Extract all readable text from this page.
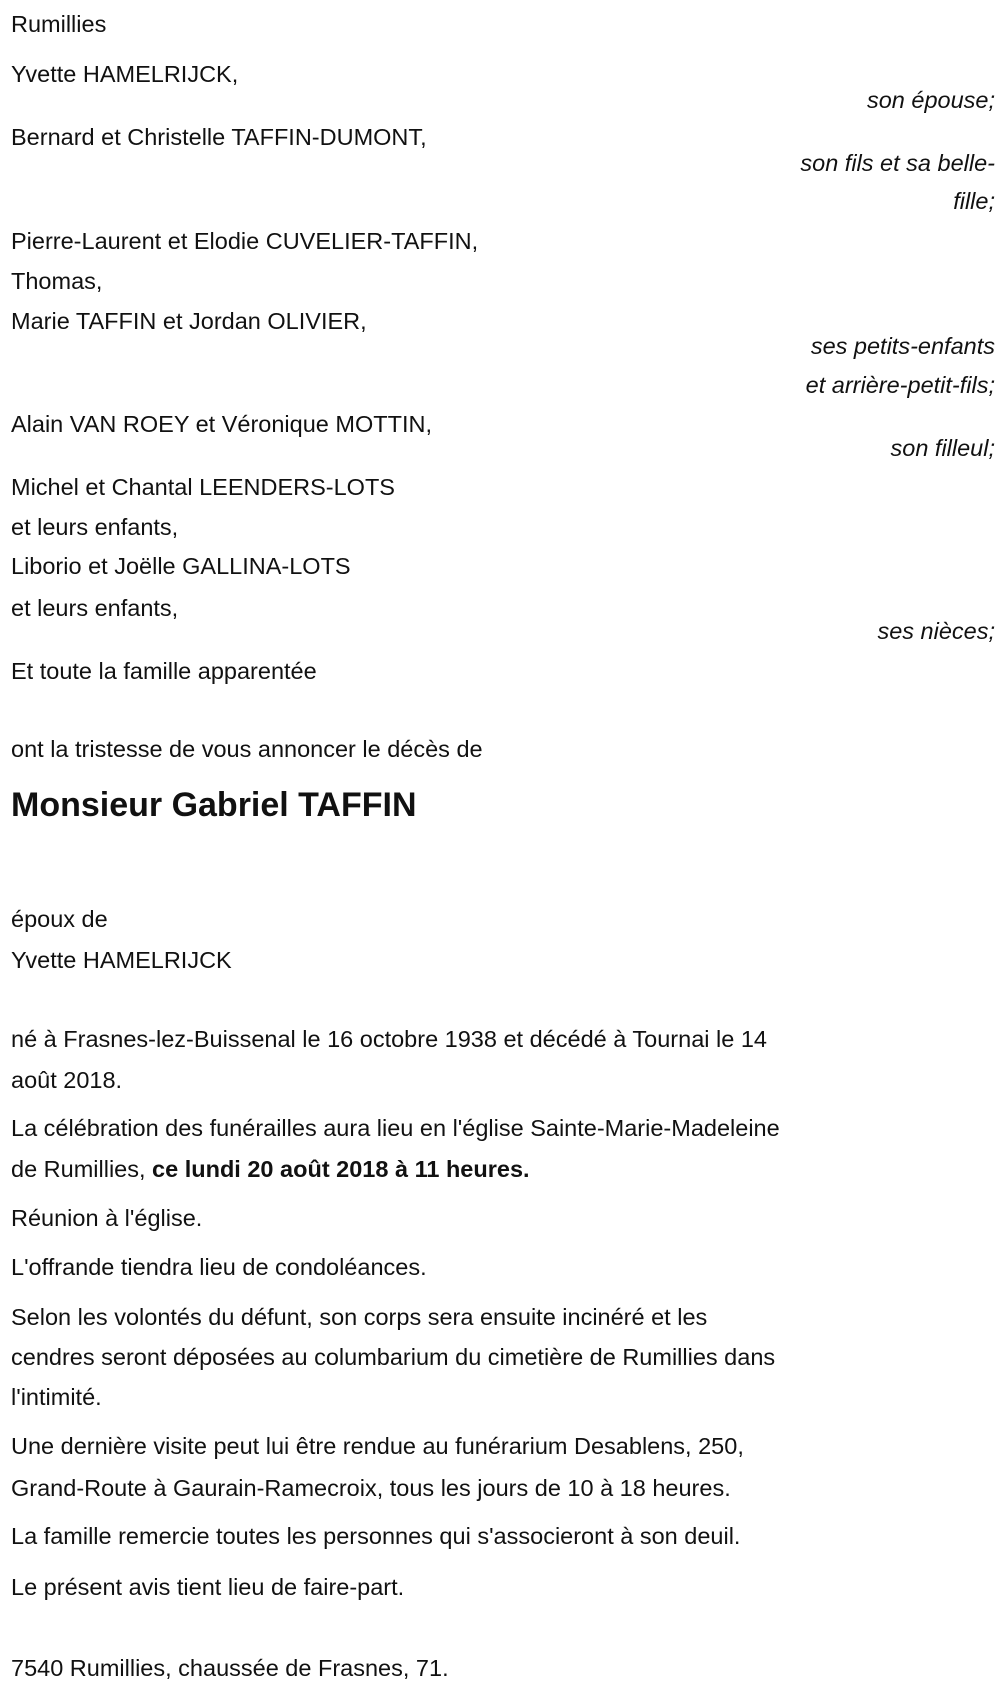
Rumillies
Yvette HAMELRIJCK,
son épouse;
Bernard et Christelle TAFFIN-DUMONT,
son fils et sa belle-
fille;
Pierre-Laurent et Elodie CUVELIER-TAFFIN,
Thomas,
Marie TAFFIN et Jordan OLIVIER,
ses petits-enfants
et arrière-petit-fils;
Alain VAN ROEY et Véronique MOTTIN,
son filleul;
Michel et Chantal LEENDERS-LOTS
et leurs enfants,
Liborio et Joëlle GALLINA-LOTS
et leurs enfants,
ses nièces;
Et toute la famille apparentée
ont la tristesse de vous annoncer le décès de
Monsieur Gabriel TAFFIN
époux de
Yvette HAMELRIJCK
né à Frasnes-lez-Buissenal le 16 octobre 1938 et décédé à Tournai le 14
août 2018.
La célébration des funérailles aura lieu en l'église Sainte-Marie-Madeleine
de Rumillies, ce lundi 20 août 2018 à 11 heures.
Réunion à l'église.
L'offrande tiendra lieu de condoléances.
Selon les volontés du défunt, son corps sera ensuite incinéré et les
cendres seront déposées au columbarium du cimetière de Rumillies dans
l'intimité.
Une dernière visite peut lui être rendue au funérarium Desablens, 250,
Grand-Route à Gaurain-Ramecroix, tous les jours de 10 à 18 heures.
La famille remercie toutes les personnes qui s'associeront à son deuil.
Le présent avis tient lieu de faire-part.
7540 Rumillies, chaussée de Frasnes, 71.
